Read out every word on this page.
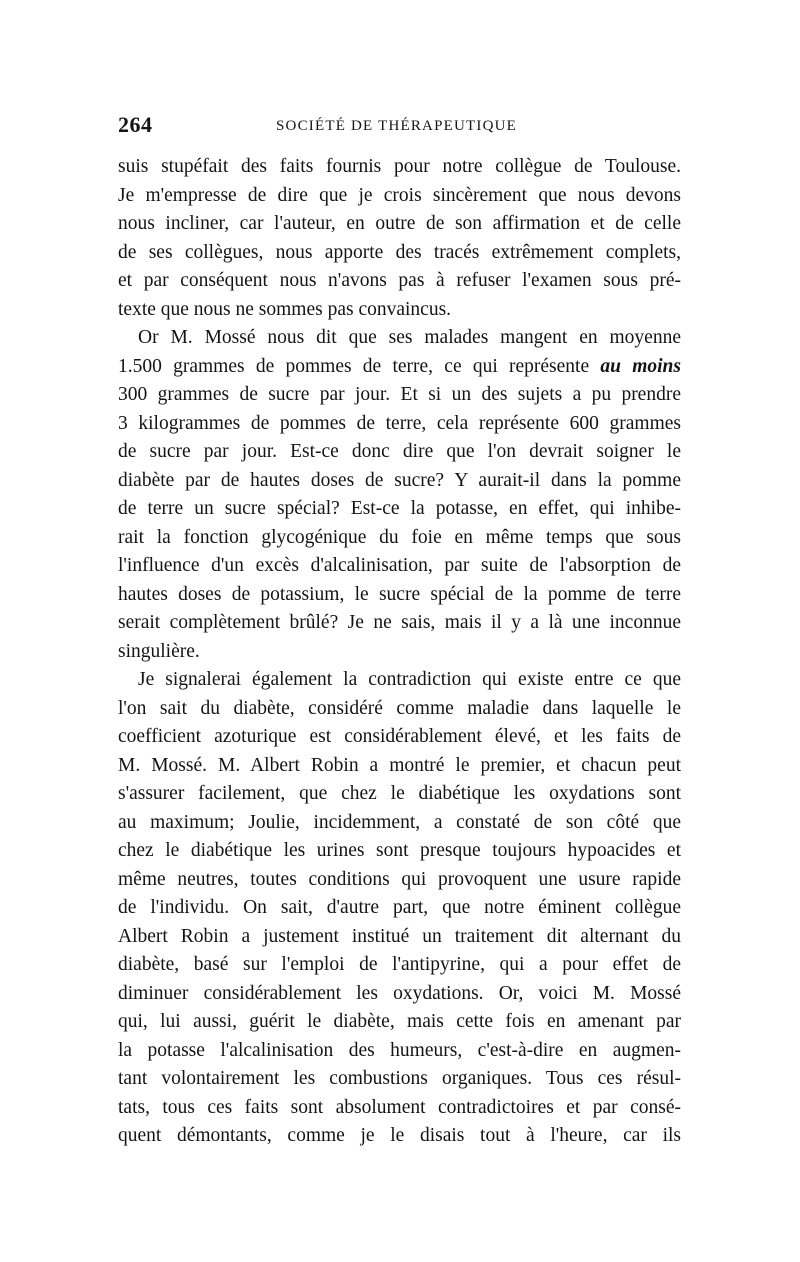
264	SOCIÉTÉ DE THÉRAPEUTIQUE
suis stupéfait des faits fournis pour notre collègue de Toulouse.
Je m'empresse de dire que je crois sincèrement que nous devons
nous incliner, car l'auteur, en outre de son affirmation et de celle
de ses collègues, nous apporte des tracés extrêmement complets,
et par conséquent nous n'avons pas à refuser l'examen sous pré-
texte que nous ne sommes pas convaincus.
Or M. Mossé nous dit que ses malades mangent en moyenne
1.500 grammes de pommes de terre, ce qui représente au moins
300 grammes de sucre par jour. Et si un des sujets a pu prendre
3 kilogrammes de pommes de terre, cela représente 600 grammes
de sucre par jour. Est-ce donc dire que l'on devrait soigner le
diabète par de hautes doses de sucre? Y aurait-il dans la pomme
de terre un sucre spécial? Est-ce la potasse, en effet, qui inhibe-
rait la fonction glycogénique du foie en même temps que sous
l'influence d'un excès d'alcalinisation, par suite de l'absorption de
hautes doses de potassium, le sucre spécial de la pomme de terre
serait complètement brûlé? Je ne sais, mais il y a là une inconnue
singulière.
Je signalerai également la contradiction qui existe entre ce que
l'on sait du diabète, considéré comme maladie dans laquelle le
coefficient azoturique est considérablement élevé, et les faits de
M. Mossé. M. Albert Robin a montré le premier, et chacun peut
s'assurer facilement, que chez le diabétique les oxydations sont
au maximum; Joulie, incidemment, a constaté de son côté que
chez le diabétique les urines sont presque toujours hypoacides et
même neutres, toutes conditions qui provoquent une usure rapide
de l'individu. On sait, d'autre part, que notre éminent collègue
Albert Robin a justement institué un traitement dit alternant du
diabète, basé sur l'emploi de l'antipyrine, qui a pour effet de
diminuer considérablement les oxydations. Or, voici M. Mossé
qui, lui aussi, guérit le diabète, mais cette fois en amenant par
la potasse l'alcalinisation des humeurs, c'est-à-dire en augmen-
tant volontairement les combustions organiques. Tous ces résul-
tats, tous ces faits sont absolument contradictoires et par consé-
quent démontants, comme je le disais tout à l'heure, car ils
